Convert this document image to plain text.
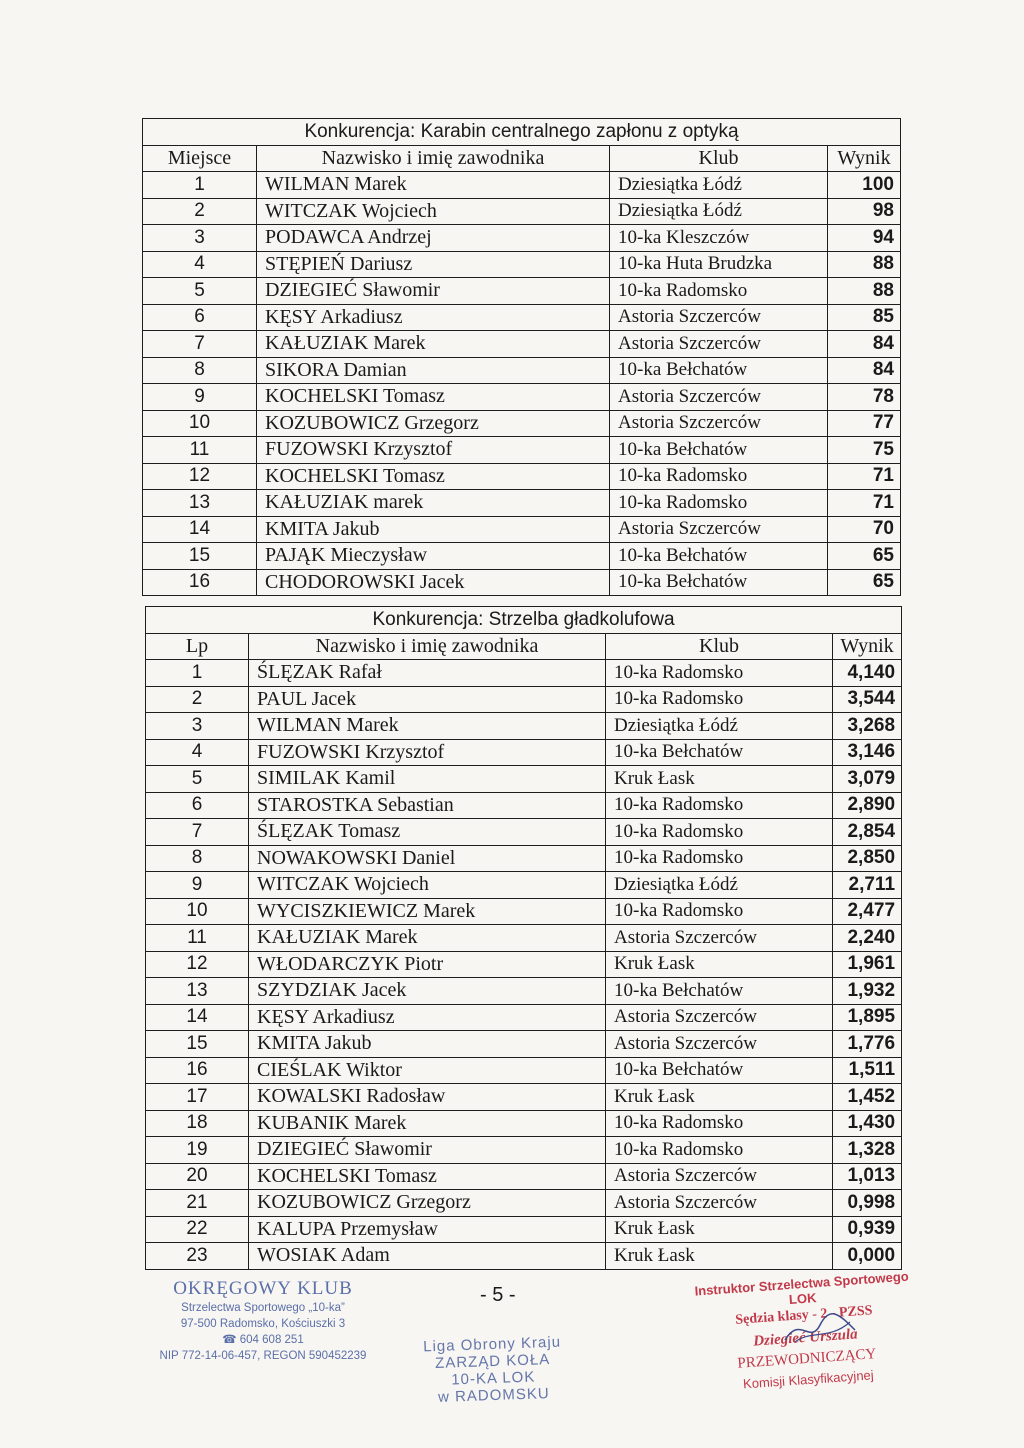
Konkurencja: Karabin centralnego zapłonu z optyką			
Miejsce	Nazwisko i imię zawodnika	Klub	Wynik
1	WILMAN Marek	Dziesiątka Łódź	100
2	WITCZAK Wojciech	Dziesiątka Łódź	98
3	PODAWCA Andrzej	10-ka Kleszczów	94
4	STĘPIEŃ Dariusz	10-ka Huta Brudzka	88
5	DZIEGIEĆ Sławomir	10-ka Radomsko	88
6	KĘSY Arkadiusz	Astoria Szczerców	85
7	KAŁUZIAK Marek	Astoria Szczerców	84
8	SIKORA Damian	10-ka Bełchatów	84
9	KOCHELSKI Tomasz	Astoria Szczerców	78
10	KOZUBOWICZ Grzegorz	Astoria Szczerców	77
11	FUZOWSKI Krzysztof	10-ka Bełchatów	75
12	KOCHELSKI Tomasz	10-ka Radomsko	71
13	KAŁUZIAK marek	10-ka Radomsko	71
14	KMITA Jakub	Astoria Szczerców	70
15	PAJĄK Mieczysław	10-ka Bełchatów	65
16	CHODOROWSKI Jacek	10-ka Bełchatów	65
Konkurencja: Strzelba gładkolufowa			
Lp	Nazwisko i imię zawodnika	Klub	Wynik
1	ŚLĘZAK Rafał	10-ka Radomsko	4,140
2	PAUL Jacek	10-ka Radomsko	3,544
3	WILMAN Marek	Dziesiątka Łódź	3,268
4	FUZOWSKI Krzysztof	10-ka Bełchatów	3,146
5	SIMILAK Kamil	Kruk Łask	3,079
6	STAROSTKA Sebastian	10-ka Radomsko	2,890
7	ŚLĘZAK Tomasz	10-ka Radomsko	2,854
8	NOWAKOWSKI Daniel	10-ka Radomsko	2,850
9	WITCZAK Wojciech	Dziesiątka Łódź	2,711
10	WYCISZKIEWICZ Marek	10-ka Radomsko	2,477
11	KAŁUZIAK Marek	Astoria Szczerców	2,240
12	WŁODARCZYK Piotr	Kruk Łask	1,961
13	SZYDZIAK Jacek	10-ka Bełchatów	1,932
14	KĘSY Arkadiusz	Astoria Szczerców	1,895
15	KMITA Jakub	Astoria Szczerców	1,776
16	CIEŚLAK Wiktor	10-ka Bełchatów	1,511
17	KOWALSKI Radosław	Kruk Łask	1,452
18	KUBANIK Marek	10-ka Radomsko	1,430
19	DZIEGIEĆ Sławomir	10-ka Radomsko	1,328
20	KOCHELSKI Tomasz	Astoria Szczerców	1,013
21	KOZUBOWICZ Grzegorz	Astoria Szczerców	0,998
22	KALUPA Przemysław	Kruk Łask	0,939
23	WOSIAK Adam	Kruk Łask	0,000
- 5 -
OKRĘGOWY KLUB
Strzelectwa Sportowego „10-ka”
97-500 Radomsko, Kościuszki 3
☎ 604 608 251
NIP 772-14-06-457, REGON 590452239
Liga Obrony Kraju
ZARZĄD KOŁA
10-KA LOK
w RADOMSKU
Instruktor Strzelectwa Sportowego LOK
Sędzia klasy - 2 - PZSS
Dziegieć Urszula
PRZEWODNICZĄCY
Komisji Klasyfikacyjnej
